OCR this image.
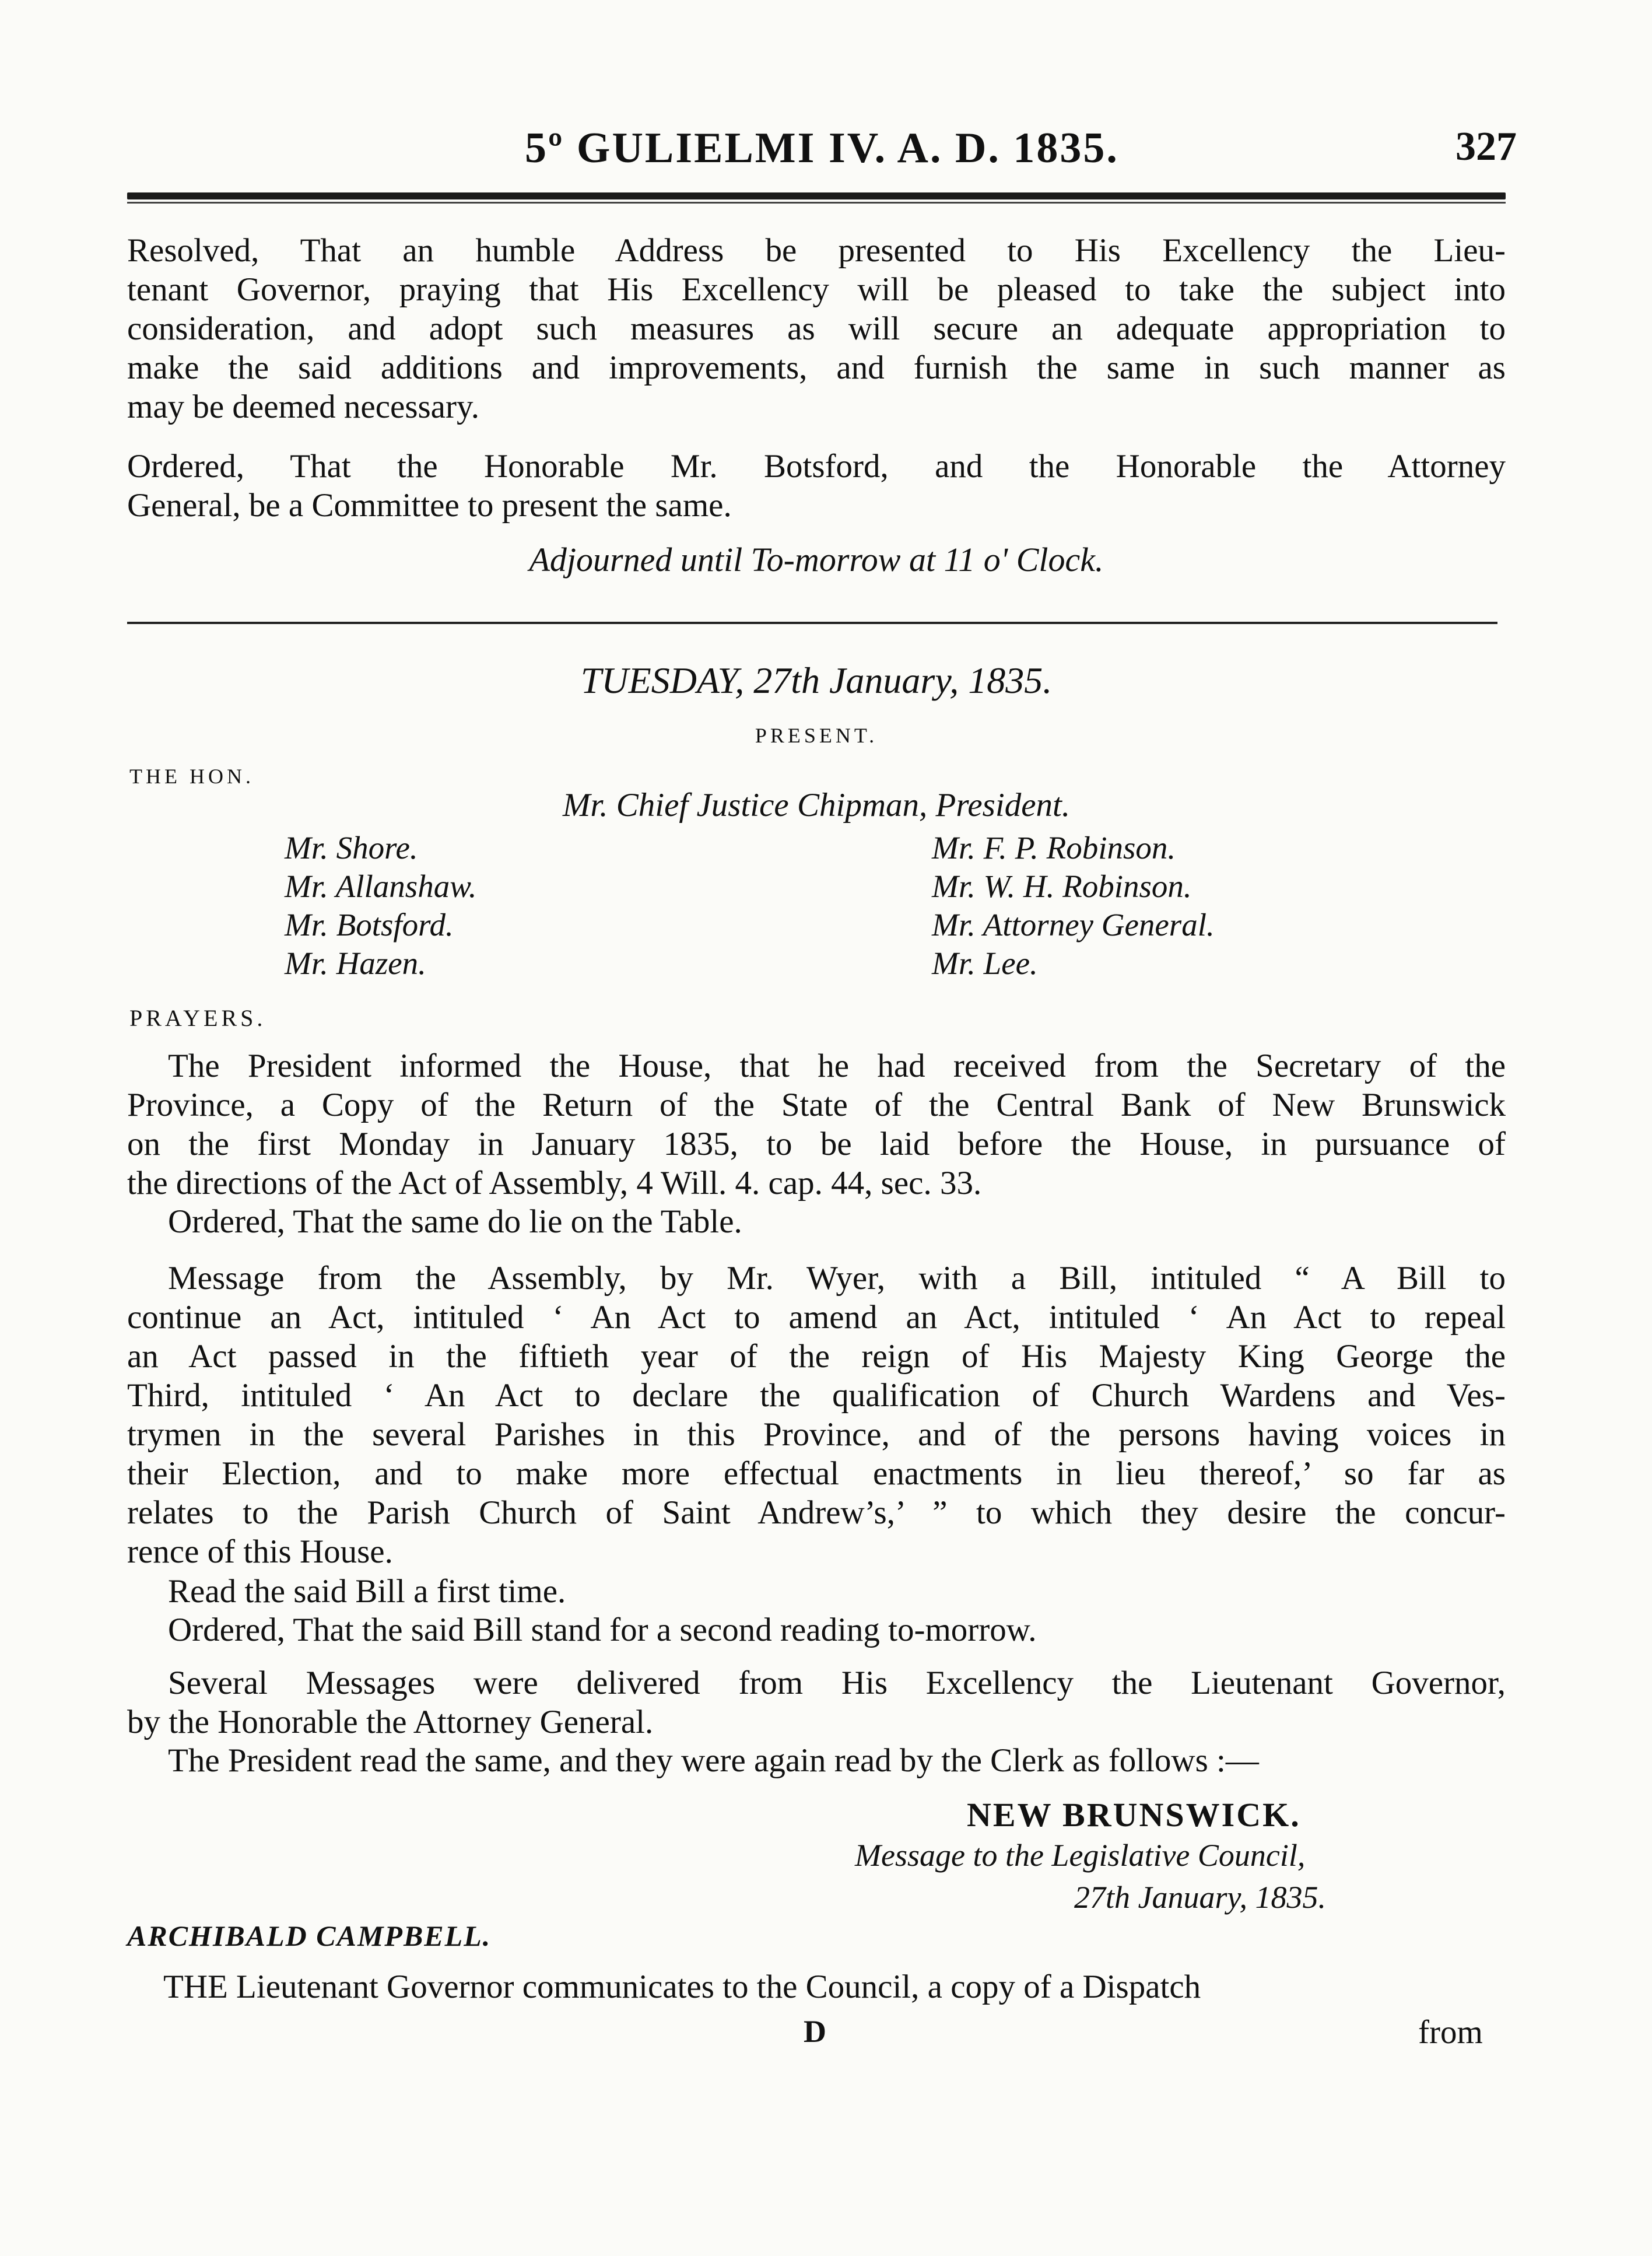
5º GULIELMI IV. A. D. 1835.	327
Resolved, That an humble Address be presented to His Excellency the Lieu-
tenant Governor, praying that His Excellency will be pleased to take the subject into
consideration, and adopt such measures as will secure an adequate appropriation to
make the said additions and improvements, and furnish the same in such manner as
may be deemed necessary.
Ordered, That the Honorable Mr. Botsford, and the Honorable the Attorney
General, be a Committee to present the same.
Adjourned until To-morrow at 11 o' Clock.
TUESDAY, 27th January, 1835.
PRESENT.
THE HON.
Mr. Chief Justice Chipman, President.
Mr. Shore.
Mr. Allanshaw.
Mr. Botsford.
Mr. Hazen.
Mr. F. P. Robinson.
Mr. W. H. Robinson.
Mr. Attorney General.
Mr. Lee.
PRAYERS.
The President informed the House, that he had received from the Secretary of the
Province, a Copy of the Return of the State of the Central Bank of New Brunswick
on the first Monday in January 1835, to be laid before the House, in pursuance of
the directions of the Act of Assembly, 4 Will. 4. cap. 44, sec. 33.
Ordered, That the same do lie on the Table.
Message from the Assembly, by Mr. Wyer, with a Bill, intituled “ A Bill to
continue an Act, intituled ‘ An Act to amend an Act, intituled ‘ An Act to repeal
an Act passed in the fiftieth year of the reign of His Majesty King George the
Third, intituled ‘ An Act to declare the qualification of Church Wardens and Ves-
trymen in the several Parishes in this Province, and of the persons having voices in
their Election, and to make more effectual enactments in lieu thereof,’ so far as
relates to the Parish Church of Saint Andrew’s,’ ” to which they desire the concur-
rence of this House.
Read the said Bill a first time.
Ordered, That the said Bill stand for a second reading to-morrow.
Several Messages were delivered from His Excellency the Lieutenant Governor,
by the Honorable the Attorney General.
The President read the same, and they were again read by the Clerk as follows :—
NEW BRUNSWICK.
Message to the Legislative Council,
27th January, 1835.
ARCHIBALD CAMPBELL.
THE Lieutenant Governor communicates to the Council, a copy of a Dispatch
D	from
